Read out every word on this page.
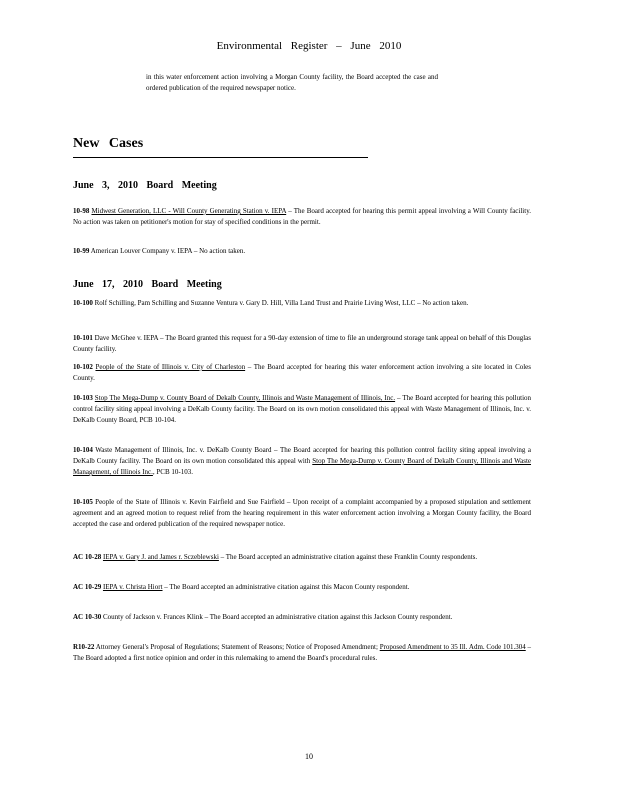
Environmental Register – June 2010
in this water enforcement action involving a Morgan County facility, the Board accepted the case and ordered publication of the required newspaper notice.
New Cases
June 3, 2010 Board Meeting
10-98 Midwest Generation, LLC - Will County Generating Station v. IEPA – The Board accepted for hearing this permit appeal involving a Will County facility. No action was taken on petitioner's motion for stay of specified conditions in the permit.
10-99 American Louver Company v. IEPA – No action taken.
June 17, 2010 Board Meeting
10-100 Rolf Schilling, Pam Schilling and Suzanne Ventura v. Gary D. Hill, Villa Land Trust and Prairie Living West, LLC – No action taken.
10-101 Dave McGhee v. IEPA – The Board granted this request for a 90-day extension of time to file an underground storage tank appeal on behalf of this Douglas County facility.
10-102 People of the State of Illinois v. City of Charleston – The Board accepted for hearing this water enforcement action involving a site located in Coles County.
10-103 Stop The Mega-Dump v. County Board of Dekalb County, Illinois and Waste Management of Illinois, Inc. – The Board accepted for hearing this pollution control facility siting appeal involving a DeKalb County facility. The Board on its own motion consolidated this appeal with Waste Management of Illinois, Inc. v. DeKalb County Board, PCB 10-104.
10-104 Waste Management of Illinois, Inc. v. DeKalb County Board – The Board accepted for hearing this pollution control facility siting appeal involving a DeKalb County facility. The Board on its own motion consolidated this appeal with Stop The Mega-Dump v. County Board of Dekalb County, Illinois and Waste Management, of Illinois Inc., PCB 10-103.
10-105 People of the State of Illinois v. Kevin Fairfield and Sue Fairfield – Upon receipt of a complaint accompanied by a proposed stipulation and settlement agreement and an agreed motion to request relief from the hearing requirement in this water enforcement action involving a Morgan County facility, the Board accepted the case and ordered publication of the required newspaper notice.
AC 10-28 IEPA v. Gary J. and James r. Sczeblewski – The Board accepted an administrative citation against these Franklin County respondents.
AC 10-29 IEPA v. Christa Hiort – The Board accepted an administrative citation against this Macon County respondent.
AC 10-30 County of Jackson v. Frances Klink – The Board accepted an administrative citation against this Jackson County respondent.
R10-22 Attorney General's Proposal of Regulations; Statement of Reasons; Notice of Proposed Amendment; Proposed Amendment to 35 Ill. Adm. Code 101.304 – The Board adopted a first notice opinion and order in this rulemaking to amend the Board's procedural rules.
10
